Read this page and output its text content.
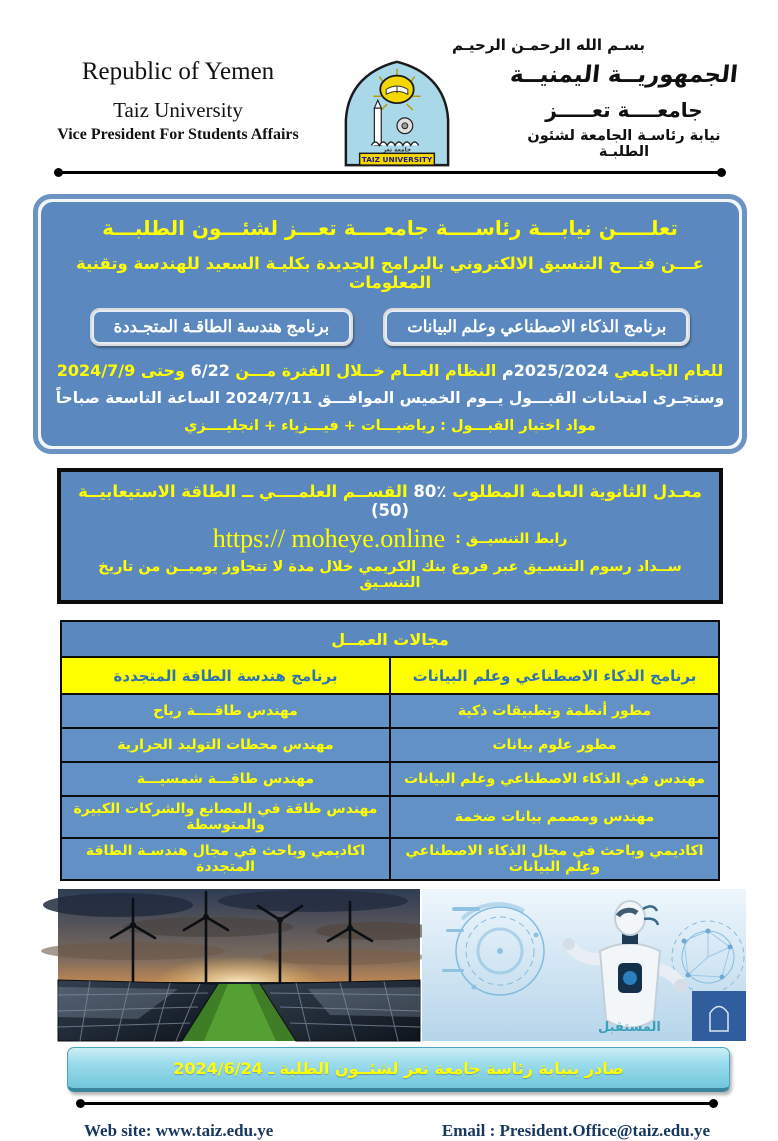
بسـم الله الرحمـن الرحيـم
Republic of Yemen
Taiz University
Vice President For Students Affairs
جامعة تعز
TAIZ UNIVERSITY
الجمهوريــة اليمنيــة
جامعــــة تعـــــز
نيابة رئاسـة الجامعة لشئون الطلبـة
تعلـــــن نيابـــة رئاســــة جامعــــة تعـــز لشئـــون الطلبـــة
عـــن فتـــح التنسيق الالكتروني بالبرامج الجديدة بكليـة السعيد للهندسة وتقنية المعلومات
برنامج الذكاء الاصطناعي وعلم البيانات
برنامج هندسة الطاقـة المتجـددة
للعام الجامعي 2025/2024م النظام العــام خــلال الفترة مـــن 6/22 وحتى 2024/7/9
وستجـرى امتحانات القبـــول يــوم الخميس الموافـــق 2024/7/11 الساعة التاسعة صباحاً
مواد اختبار القبـــول : رياضيـــات + فيـــزياء + انجليــــزي
معـدل الثانوية العامـة المطلوب ٪80 القســم العلمــــي ــ الطاقة الاستيعابيــة (50)
رابط التنسيــق :
https:// moheye.online
ســداد رسوم التنسـيق عبر فروع بنك الكريمي خلال مدة لا تتجاوز يوميــن من تاريخ التنسـيق
مجالات العمــل	
برنامج الذكاء الاصطناعي وعلم البيانات	برنامج هندسة الطاقة المتجددة
مطور أنظمة وتطبيقات ذكية	مهندس طاقــــة رياح
مطور علوم بيانات	مهندس محطات التوليد الحرارية
مهندس في الذكاء الاصطناعي وعلم البيانات	مهندس طاقـــة شمسيـــة
مهندس ومصمم بيانات ضخمة	مهندس طاقة في المصانع والشركات الكبيرة والمتوسطة
اكاديمي وباحث في مجال الذكاء الاصطناعي وعلم البيانات	اكاديمي وباحث في مجال هندسـة الطاقة المتجددة
المستقبل
صادر بنيابة رئاسة جامعة تعز لشئــون الطلبة ـ 2024/6/24
Web site: www.taiz.edu.ye	Email : President.Office@taiz.edu.ye
